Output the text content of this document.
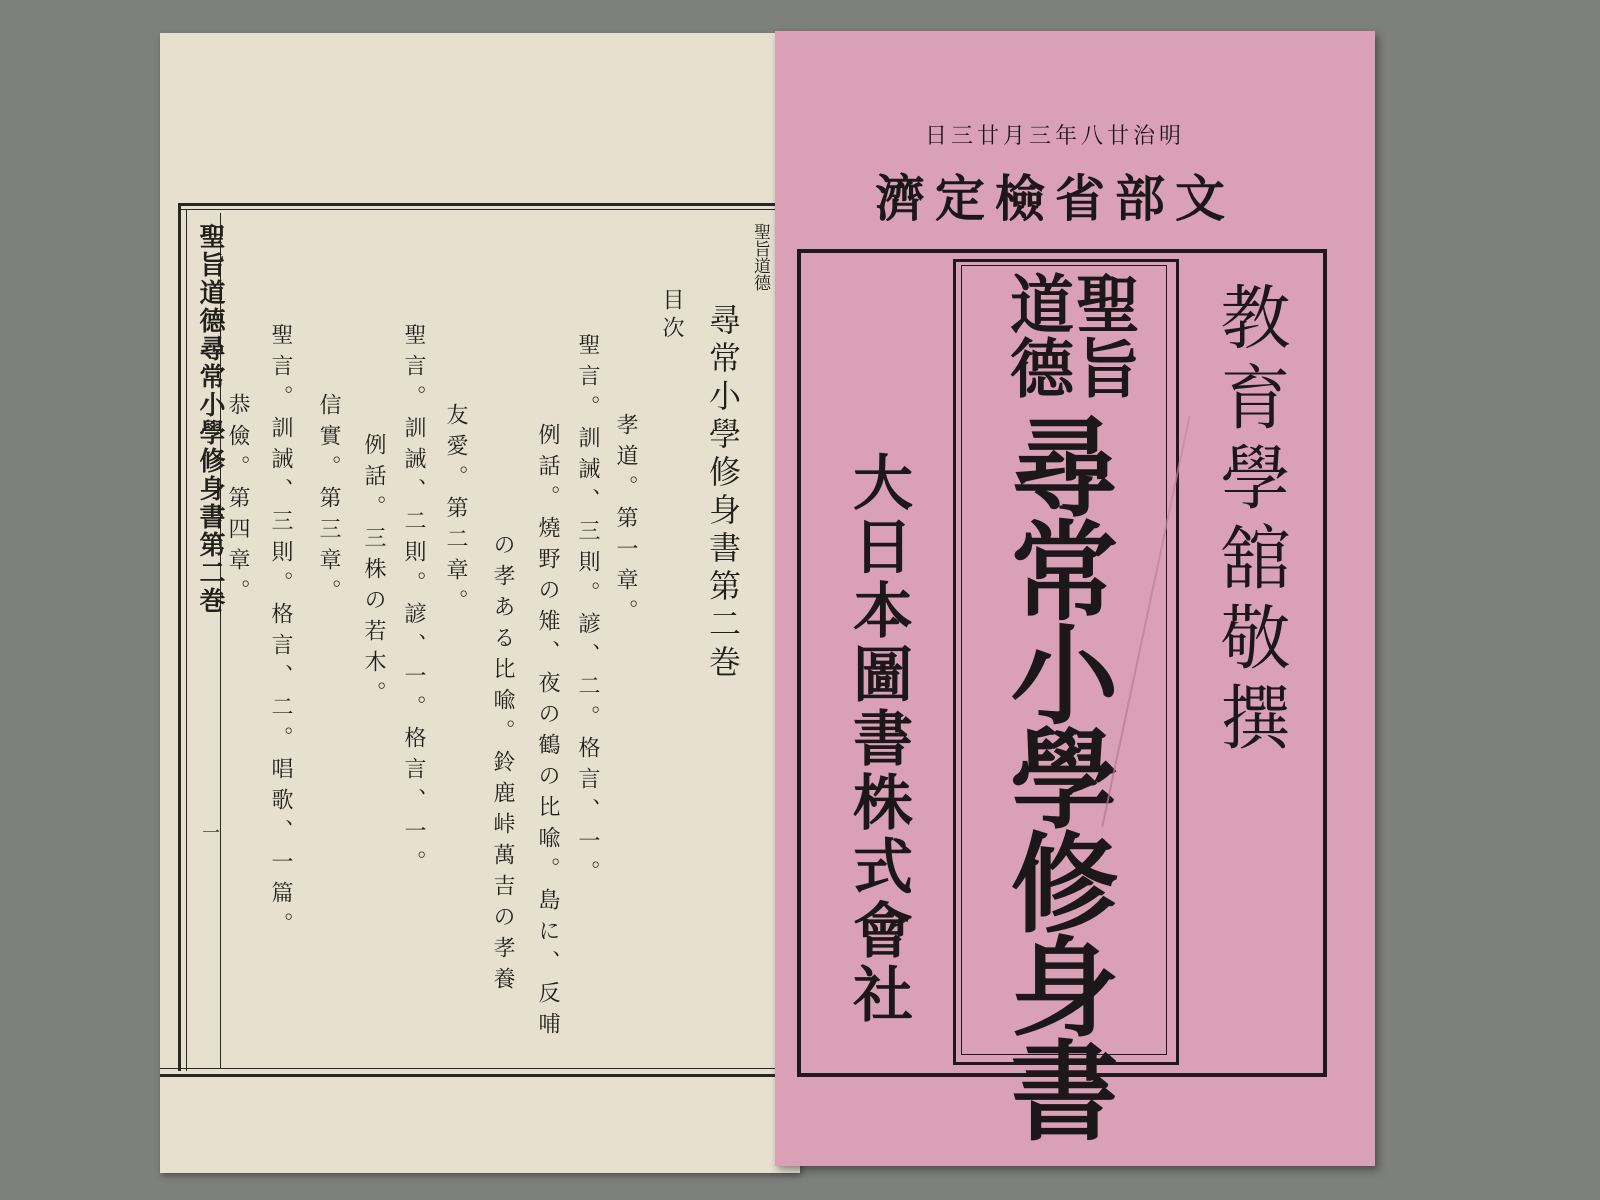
聖旨道德尋常小學修身書第二巻	聖旨道德
尋常小學修身書第二巻
目次
孝道。第一章。
聖言。訓誡、三則。諺、二。格言、一。
例話。燒野の雉、夜の鶴の比喩。島に、反哺
の孝ある比喩。鈴鹿峠萬吉の孝養
友愛。第二章。
聖言。訓誡、二則。諺、一。格言、一。
例話。三株の若木。
信實。第三章。
聖言。訓誡、三則。格言、二。唱歌、一篇。
恭儉。第四章。
一
明治廿八年三月廿三日
文部省檢定濟
教育學舘敬撰
聖旨道德
尋常小學修身書
大日本圖書株式會社
